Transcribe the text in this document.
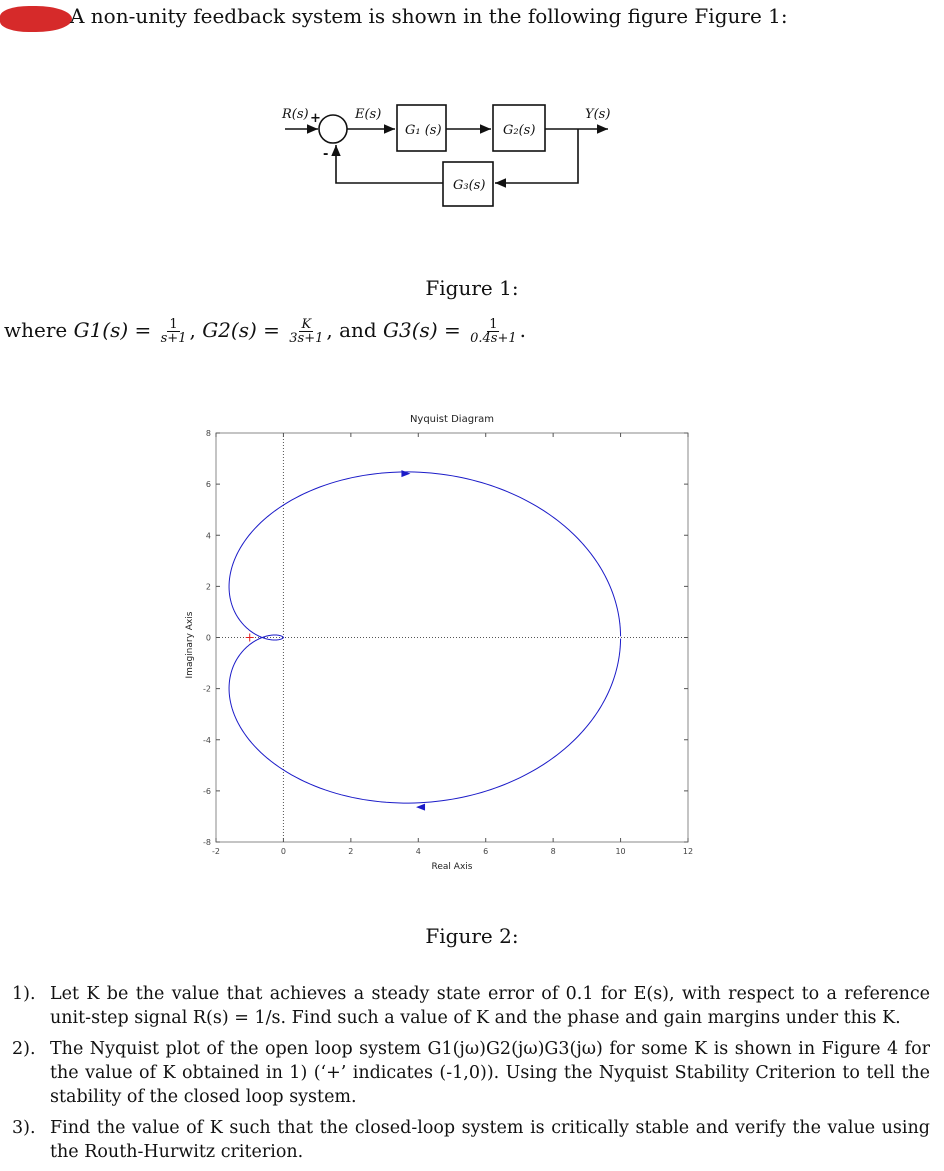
A non-unity feedback system is shown in the following figure Figure 1:
R(s) +
-
E(s)
G₁ (s)	G₂(s)
G₃(s)
Y(s)
Figure 1:
where $G1(s) = \frac{1}{s+1}$ , $G2(s) = \frac{K}{3s+1}$ , and $G3(s) = \frac{1}{0.4s+1}$ .
Nyquist Diagram
Real Axis
Imaginary Axis
-2	0	2	4	6	8	10	12
-8
-6
-4
-2
0
2
4
6
8
Figure 2:
1). Let K be the value that achieves a steady state error of 0.1 for E(s), with respect to a reference unit-step signal R(s) = 1/s. Find such a value of K and the phase and gain margins under this K.
2). The Nyquist plot of the open loop system G1(jω)G2(jω)G3(jω) for some K is shown in Figure 4 for the value of K obtained in 1) (‘+’ indicates (-1,0)). Using the Nyquist Stability Criterion to tell the stability of the closed loop system.
3). Find the value of K such that the closed-loop system is critically stable and verify the value using the Routh-Hurwitz criterion.
